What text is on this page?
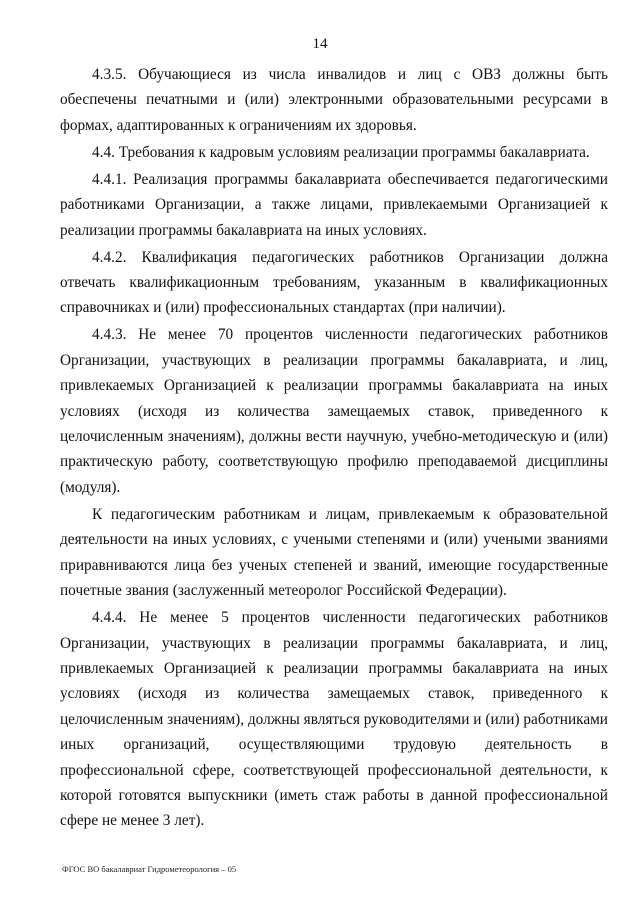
14

4.3.5. Обучающиеся из числа инвалидов и лиц с ОВЗ должны быть обеспечены печатными и (или) электронными образовательными ресурсами в формах, адаптированных к ограничениям их здоровья.

4.4. Требования к кадровым условиям реализации программы бакалавриата.

4.4.1. Реализация программы бакалавриата обеспечивается педагогическими работниками Организации, а также лицами, привлекаемыми Организацией к реализации программы бакалавриата на иных условиях.

4.4.2. Квалификация педагогических работников Организации должна отвечать квалификационным требованиям, указанным в квалификационных справочниках и (или) профессиональных стандартах (при наличии).

4.4.3. Не менее 70 процентов численности педагогических работников Организации, участвующих в реализации программы бакалавриата, и лиц, привлекаемых Организацией к реализации программы бакалавриата на иных условиях (исходя из количества замещаемых ставок, приведенного к целочисленным значениям), должны вести научную, учебно-методическую и (или) практическую работу, соответствующую профилю преподаваемой дисциплины (модуля).

К педагогическим работникам и лицам, привлекаемым к образовательной деятельности на иных условиях, с учеными степенями и (или) учеными званиями приравниваются лица без ученых степеней и званий, имеющие государственные почетные звания (заслуженный метеоролог Российской Федерации).

4.4.4. Не менее 5 процентов численности педагогических работников Организации, участвующих в реализации программы бакалавриата, и лиц, привлекаемых Организацией к реализации программы бакалавриата на иных условиях (исходя из количества замещаемых ставок, приведенного к целочисленным значениям), должны являться руководителями и (или) работниками иных организаций, осуществляющими трудовую деятельность в профессиональной сфере, соответствующей профессиональной деятельности, к которой готовятся выпускники (иметь стаж работы в данной профессиональной сфере не менее 3 лет).

ФГОС ВО бакалавриат Гидрометеорология – 05
